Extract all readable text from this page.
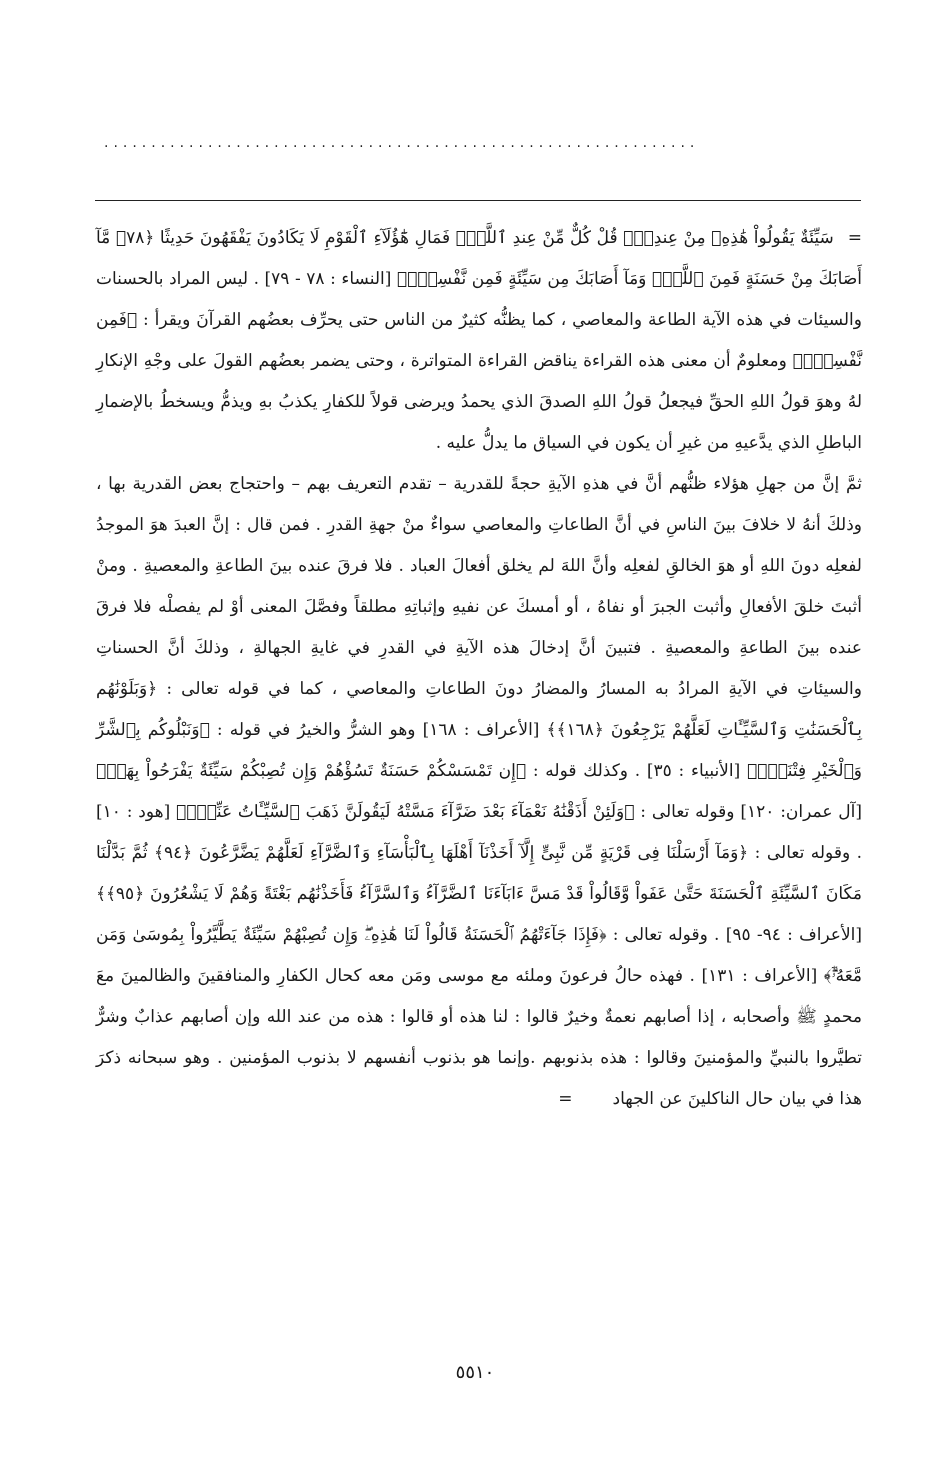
...............................................................

=سَيِّئَةٌ يَقُولُواْ هَٰذِهِۦ مِنْ عِندِكَۚ قُلْ كُلٌّ مِّنْ عِندِ ٱللَّهِۖ فَمَالِ هَٰٓؤُلَآءِ ٱلْقَوْمِ لَا يَكَادُونَ يَفْقَهُونَ حَدِيثًا ﴿٧٨﴾ مَّآ أَصَابَكَ مِنْ حَسَنَةٍ فَمِنَ ٱللَّهِۖ وَمَآ أَصَابَكَ مِن سَيِّئَةٍ فَمِن نَّفْسِكَۚ﴾ [النساء : ٧٨ - ٧٩] . ليس المراد بالحسنات والسيئات في هذه الآية الطاعة والمعاصي ، كما يظنُّه كثيرٌ من الناس حتى يحرِّف بعضُهم القرآنَ ويقرأ : ﴿فَمِن نَّفْسِكَۚ﴾ ومعلومٌ أن معنى هذه القراءة يناقض القراءة المتواترة ، وحتى يضمر بعضُهم القولَ على وجْهِ الإنكارِ لهُ وهوَ قولُ اللهِ الحقِّ فيجعلُ قولُ اللهِ الصدقَ الذي يحمدُ ويرضى قولاً للكفارِ يكذبُ بهِ ويذمُّ ويسخطُ بالإضمارِ الباطلِ الذي يدَّعيهِ من غيرِ أن يكون في السياق ما يدلُّ عليه .

ثمَّ إنَّ من جهلِ هؤلاء ظنُّهم أنَّ في هذهِ الآيةِ حجةً للقدرية – تقدم التعريف بهم – واحتجاج بعض القدرية بها ، وذلكَ أنهُ لا خلافَ بينَ الناسِ في أنَّ الطاعاتِ والمعاصي سواءٌ منْ جهةِ القدرِ . فمن قال : إنَّ العبدَ هوَ الموجدُ لفعلِه دونَ اللهِ أو هوَ الخالقِ لفعلِه وأنَّ اللهَ لم يخلق أفعالَ العباد . فلا فرقَ عنده بينَ الطاعةِ والمعصيةِ . ومنْ أثبتَ خلقَ الأفعالِ وأثبت الجبرَ أو نفاهُ ، أو أمسكَ عن نفيهِ وإثباتِهِ مطلقاً وفصَّلَ المعنى أوْ لم يفصلْه فلا فرقَ عنده بينَ الطاعةِ والمعصيةِ . فتبينَ أنَّ إدخالَ هذه الآيةِ في القدرِ في غايةِ الجهالةِ ، وذلكَ أنَّ الحسناتِ والسيئاتِ في الآيةِ المرادُ به المسارُ والمضارُ دونَ الطاعاتِ والمعاصي ، كما في قوله تعالى : ﴿وَبَلَوْنَٰهُم بِٱلْحَسَنَٰتِ وَٱلسَّيِّـَٔاتِ لَعَلَّهُمْ يَرْجِعُونَ ﴿١٦٨﴾﴾ [الأعراف : ١٦٨] وهو الشرُّ والخيرُ في قوله : ﴿وَنَبْلُوكُم بِٱلشَّرِّ وَٱلْخَيْرِ فِتْنَةًۖ﴾ [الأنبياء : ٣٥] . وكذلك قوله : ﴿إِن تَمْسَسْكُمْ حَسَنَةٌ تَسُؤْهُمْ وَإِن تُصِبْكُمْ سَيِّئَةٌ يَفْرَحُواْ بِهَاۖ﴾ [آل عمران: ١٢٠] وقوله تعالى : ﴿وَلَئِنْ أَذَقْنَٰهُ نَعْمَآءَ بَعْدَ ضَرَّآءَ مَسَّتْهُ لَيَقُولَنَّ ذَهَبَ ٱلسَّيِّـَٔاتُ عَنِّىٓۚ﴾ [هود : ١٠] . وقوله تعالى : ﴿وَمَآ أَرْسَلْنَا فِى قَرْيَةٍ مِّن نَّبِىٍّ إِلَّآ أَخَذْنَآ أَهْلَهَا بِٱلْبَأْسَآءِ وَٱلضَّرَّآءِ لَعَلَّهُمْ يَضَّرَّعُونَ ﴿٩٤﴾ ثُمَّ بَدَّلْنَا مَكَانَ ٱلسَّيِّئَةِ ٱلْحَسَنَةَ حَتَّىٰ عَفَواْ وَّقَالُواْ قَدْ مَسَّ ءَابَآءَنَا ٱلضَّرَّآءُ وَٱلسَّرَّآءُ فَأَخَذْنَٰهُم بَغْتَةً وَهُمْ لَا يَشْعُرُونَ ﴿٩٥﴾﴾ [الأعراف : ٩٤- ٩٥] . وقوله تعالى : ﴿فَإِذَا جَآءَتْهُمُ ٱلْحَسَنَةُ قَالُواْ لَنَا هَٰذِهِۦۖ وَإِن تُصِبْهُمْ سَيِّئَةٌ يَطَّيَّرُواْ بِمُوسَىٰ وَمَن مَّعَهُۥٓۗ﴾ [الأعراف : ١٣١] . فهذه حالُ فرعونَ وملئه مع موسى ومَن معه كحال الكفارِ والمنافقينَ والظالمينَ معَ محمدٍ ﷺ وأصحابه ، إذا أصابهم نعمةٌ وخيرٌ قالوا : لنا هذه أو قالوا : هذه من عند الله وإن أصابهم عذابٌ وشرٌّ تطيَّروا بالنبيِّ والمؤمنينَ وقالوا : هذه بذنوبهم .وإنما هو بذنوب أنفسهم لا بذنوب المؤمنين . وهو سبحانه ذكرَ هذا في بيان حال الناكلينَ عن الجهاد=

٥٥١٠
